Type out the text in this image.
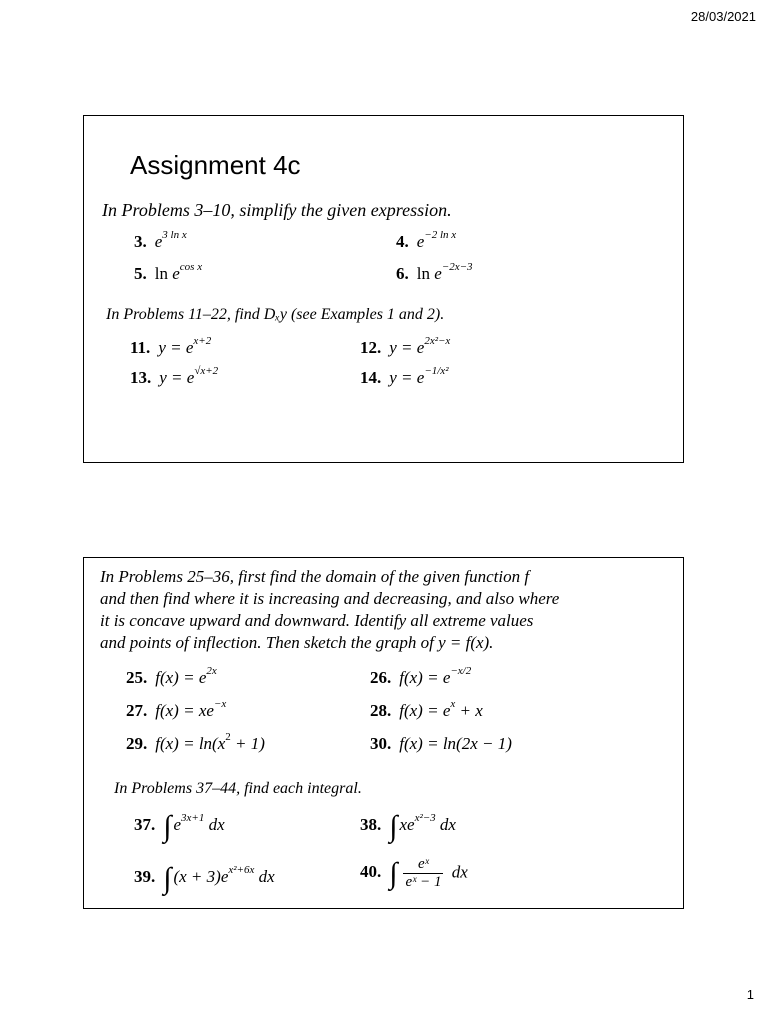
28/03/2021
Assignment 4c
In Problems 3–10, simplify the given expression.
3. $e^{3 ln x}$	4. $e^{-2 ln x}$
5. $\ln e^{cos x}$	6. $\ln e^{-2x-3}$
In Problems 11–22, find Dₓy (see Examples 1 and 2).
11. $y = e^{x+2}$	12. $y = e^{2x^2-x}$
13. $y = e^{√x+2}$	14. $y = e^{-1/x^2}$
In Problems 25–36, first find the domain of the given function f
and then find where it is increasing and decreasing, and also where
it is concave upward and downward. Identify all extreme values
and points of inflection. Then sketch the graph of y = f(x).
25. $f(x) = e^{2x}$	26. $f(x) = e^{-x/2}$
27. $f(x) = xe^{-x}$	28. $f(x) = e^x + x$
29. $f(x) = \ln(x^2 + 1)$	30. f(x) = ln(2x − 1)
In Problems 37–44, find each integral.
37. ∫ $e^{3x+1}$ dx	38. ∫ $xe^{x^2-3}$ dx
39. ∫ $(x + 3)e^{x^2+6x}$ dx	40. ∫ $\frac{\text{eˣ}}{\text{eˣ − 1}}$ dx
1
